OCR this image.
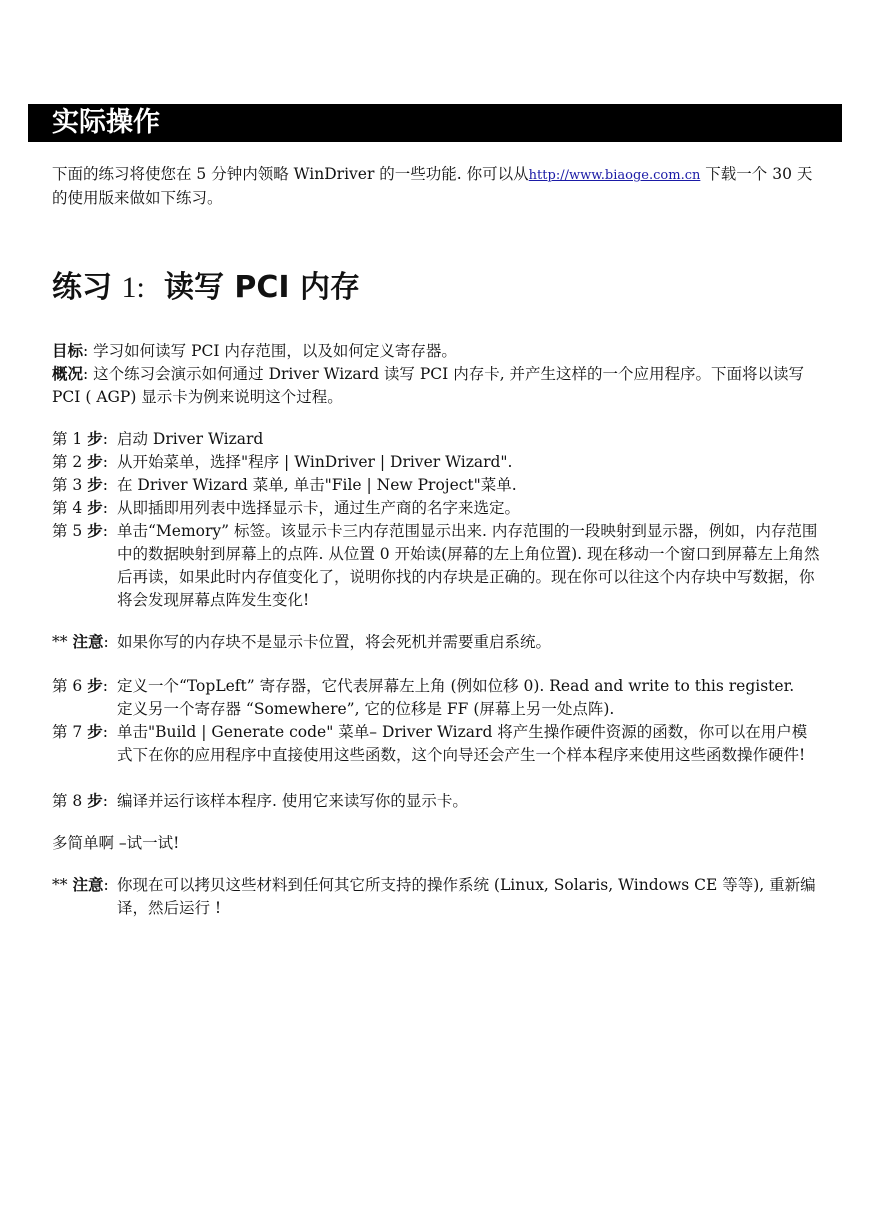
实际操作
下面的练习将使您在 5 分钟内领略 WinDriver 的一些功能. 你可以从http://www.biaoge.com.cn 下载一个 30 天的使用版来做如下练习。
练习 1: 读写 PCI 内存
目标: 学习如何读写 PCI 内存范围，以及如何定义寄存器。
概况: 这个练习会演示如何通过 Driver Wizard 读写 PCI 内存卡, 并产生这样的一个应用程序。下面将以读写 PCI ( AGP) 显示卡为例来说明这个过程。
第 1 步: 启动 Driver Wizard
第 2 步: 从开始菜单，选择"程序 | WinDriver | Driver Wizard".
第 3 步: 在 Driver Wizard 菜单, 单击"File | New Project"菜单.
第 4 步: 从即插即用列表中选择显示卡，通过生产商的名字来选定。
第 5 步: 单击“Memory” 标签。该显示卡三内存范围显示出来. 内存范围的一段映射到显示器，例如，内存范围中的数据映射到屏幕上的点阵. 从位置 0 开始读(屏幕的左上角位置). 现在移动一个窗口到屏幕左上角然后再读，如果此时内存值变化了，说明你找的内存块是正确的。现在你可以往这个内存块中写数据，你将会发现屏幕点阵发生变化!
** 注意: 如果你写的内存块不是显示卡位置，将会死机并需要重启系统。
第 6 步: 定义一个“TopLeft” 寄存器，它代表屏幕左上角 (例如位移 0). Read and write to this register.
定义另一个寄存器 “Somewhere”, 它的位移是 FF (屏幕上另一处点阵).
第 7 步: 单击"Build | Generate code" 菜单– Driver Wizard 将产生操作硬件资源的函数，你可以在用户模式下在你的应用程序中直接使用这些函数，这个向导还会产生一个样本程序来使用这些函数操作硬件!
第 8 步: 编译并运行该样本程序. 使用它来读写你的显示卡。
多简单啊 –试一试!
** 注意: 你现在可以拷贝这些材料到任何其它所支持的操作系统 (Linux, Solaris, Windows CE 等等), 重新编译，然后运行 !
